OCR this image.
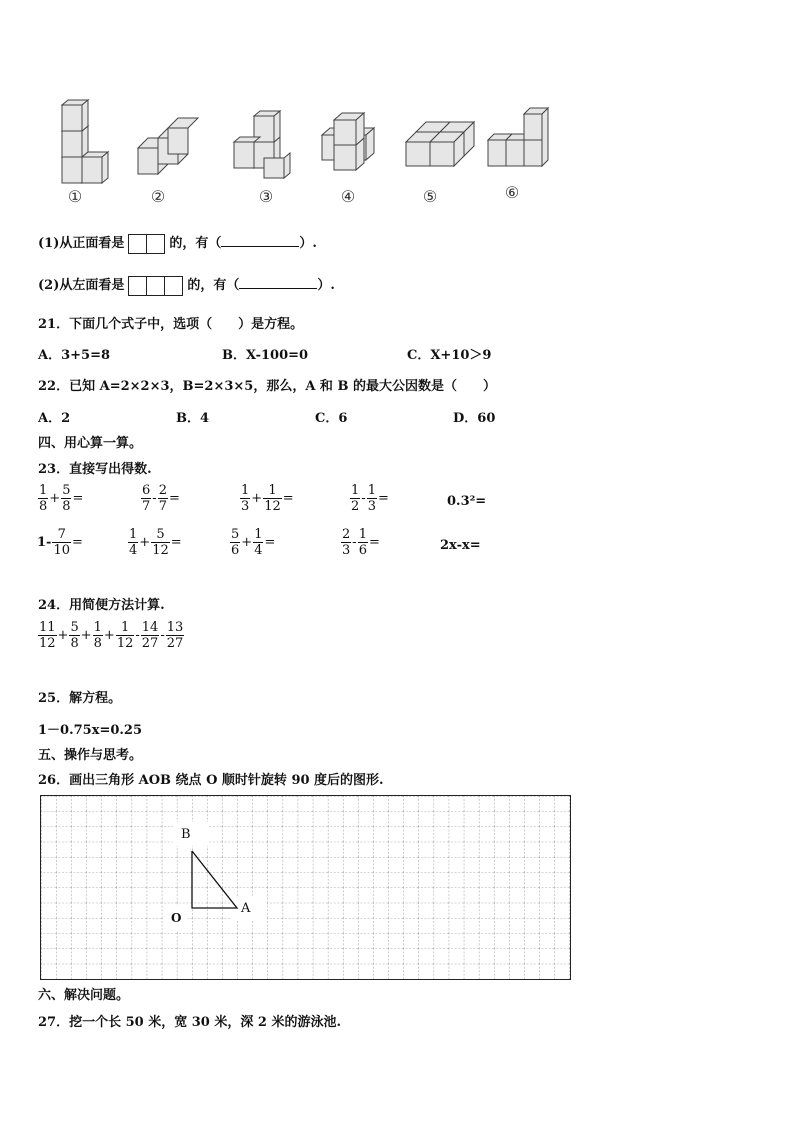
①	②	③	④	⑤	⑥
(1)从正面看是	的，有（	）.
(2)从左面看是	的，有（	）.
21．下面几个式子中，选项（　　）是方程。
A．3+5=8	B．X-100=0	C．X+10＞9
22．已知 A=2×2×3，B=2×3×5，那么，A 和 B 的最大公因数是（　　）
A．2	B．4	C．6	D．60
四、用心算一算。
23．直接写出得数.
$\frac{1}{8} + \frac{5}{8}$ =	$\frac{6}{7} - \frac{2}{7}$ =	$\frac{1}{3} + \frac{1}{12}$ =	$\frac{1}{2} - \frac{1}{3}$ =	0.3²=
$1- \frac{7}{10}$ =	$\frac{1}{4} + \frac{5}{12}$ =	$\frac{5}{6} + \frac{1}{4}$ =	$\frac{2}{3} - \frac{1}{6}$ =	2x-x=
24．用简便方法计算.
$\frac{11}{12} + \frac{5}{8} + \frac{1}{8} + \frac{1}{12} - \frac{14}{27} - \frac{13}{27}$
25．解方程。
1－0.75x=0.25
五、操作与思考。
26．画出三角形 AOB 绕点 O 顺时针旋转 90 度后的图形.
B
A
O
六、解决问题。
27．挖一个长 50 米，宽 30 米，深 2 米的游泳池.
